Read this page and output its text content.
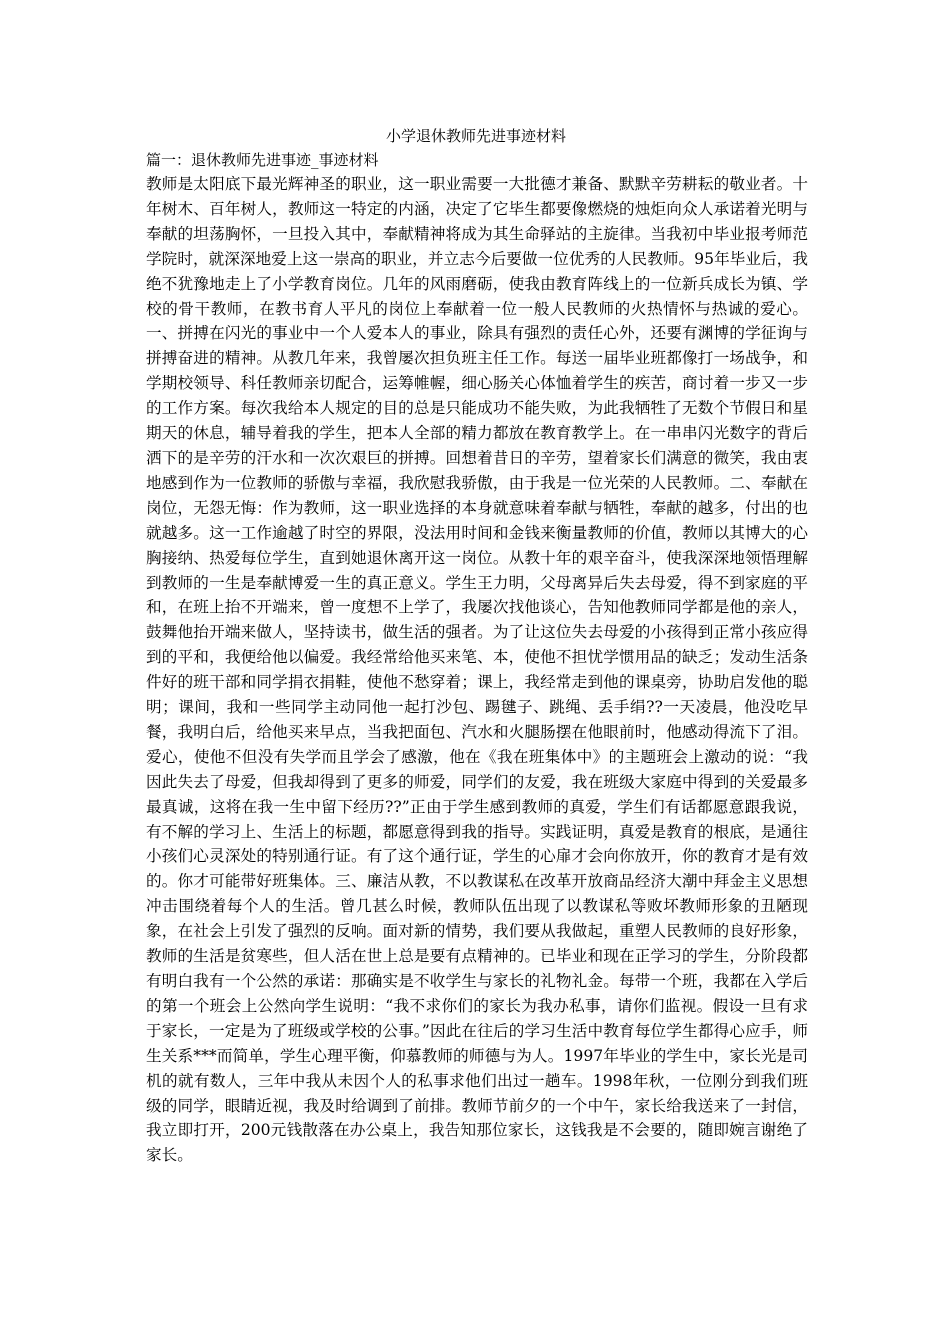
小学退休教师先进事迹材料
篇一：退休教师先进事迹_事迹材料

教师是太阳底下最光辉神圣的职业，这一职业需要一大批德才兼备、默默辛劳耕耘的敬业者。十年树木、百年树人，教师这一特定的内涵，决定了它毕生都要像燃烧的烛炬向众人承诺着光明与奉献的坦荡胸怀，一旦投入其中，奉献精神将成为其生命驿站的主旋律。当我初中毕业报考师范学院时，就深深地爱上这一崇高的职业，并立志今后要做一位优秀的人民教师。95年毕业后，我绝不犹豫地走上了小学教育岗位。几年的风雨磨砺，使我由教育阵线上的一位新兵成长为镇、学校的骨干教师，在教书育人平凡的岗位上奉献着一位一般人民教师的火热情怀与热诚的爱心。一、拼搏在闪光的事业中一个人爱本人的事业，除具有强烈的责任心外，还要有渊博的学征询与拼搏奋进的精神。从教几年来，我曾屡次担负班主任工作。每送一届毕业班都像打一场战争，和学期校领导、科任教师亲切配合，运筹帷幄，细心肠关心体恤着学生的疾苦，商讨着一步又一步的工作方案。每次我给本人规定的目的总是只能成功不能失败，为此我牺牲了无数个节假日和星期天的休息，辅导着我的学生，把本人全部的精力都放在教育教学上。在一串串闪光数字的背后洒下的是辛劳的汗水和一次次艰巨的拼搏。回想着昔日的辛劳，望着家长们满意的微笑，我由衷地感到作为一位教师的骄傲与幸福，我欣慰我骄傲，由于我是一位光荣的人民教师。二、奉献在岗位，无怨无悔：作为教师，这一职业选择的本身就意味着奉献与牺牲，奉献的越多，付出的也就越多。这一工作逾越了时空的界限，没法用时间和金钱来衡量教师的价值，教师以其博大的心胸接纳、热爱每位学生，直到她退休离开这一岗位。从教十年的艰辛奋斗，使我深深地领悟理解到教师的一生是奉献博爱一生的真正意义。学生王力明，父母离异后失去母爱，得不到家庭的平和，在班上抬不开端来，曾一度想不上学了，我屡次找他谈心，告知他教师同学都是他的亲人，鼓舞他抬开端来做人，坚持读书，做生活的强者。为了让这位失去母爱的小孩得到正常小孩应得到的平和，我便给他以偏爱。我经常给他买来笔、本，使他不担忧学惯用品的缺乏；发动生活条件好的班干部和同学捐衣捐鞋，使他不愁穿着；课上，我经常走到他的课桌旁，协助启发他的聪明；课间，我和一些同学主动同他一起打沙包、踢毽子、跳绳、丢手绢??一天凌晨，他没吃早餐，我明白后，给他买来早点，当我把面包、汽水和火腿肠摆在他眼前时，他感动得流下了泪。爱心，使他不但没有失学而且学会了感激，他在《我在班集体中》的主题班会上激动的说：“我因此失去了母爱，但我却得到了更多的师爱，同学们的友爱，我在班级大家庭中得到的关爱最多最真诚，这将在我一生中留下经历??”正由于学生感到教师的真爱，学生们有话都愿意跟我说，有不解的学习上、生活上的标题，都愿意得到我的指导。实践证明，真爱是教育的根底，是通往小孩们心灵深处的特别通行证。有了这个通行证，学生的心扉才会向你放开，你的教育才是有效的。你才可能带好班集体。三、廉洁从教，不以教谋私在改革开放商品经济大潮中拜金主义思想冲击围绕着每个人的生活。曾几甚么时候，教师队伍出现了以教谋私等败坏教师形象的丑陋现象，在社会上引发了强烈的反响。面对新的情势，我们要从我做起，重塑人民教师的良好形象，教师的生活是贫寒些，但人活在世上总是要有点精神的。已毕业和现在正学习的学生，分阶段都有明白我有一个公然的承诺：那确实是不收学生与家长的礼物礼金。每带一个班，我都在入学后的第一个班会上公然向学生说明：“我不求你们的家长为我办私事，请你们监视。假设一旦有求于家长，一定是为了班级或学校的公事。”因此在往后的学习生活中教育每位学生都得心应手，师生关系***而简单，学生心理平衡，仰慕教师的师德与为人。1997年毕业的学生中，家长光是司机的就有数人，三年中我从未因个人的私事求他们出过一趟车。1998年秋，一位刚分到我们班级的同学，眼睛近视，我及时给调到了前排。教师节前夕的一个中午，家长给我送来了一封信，我立即打开，200元钱散落在办公桌上，我告知那位家长，这钱我是不会要的，随即婉言谢绝了家长。
